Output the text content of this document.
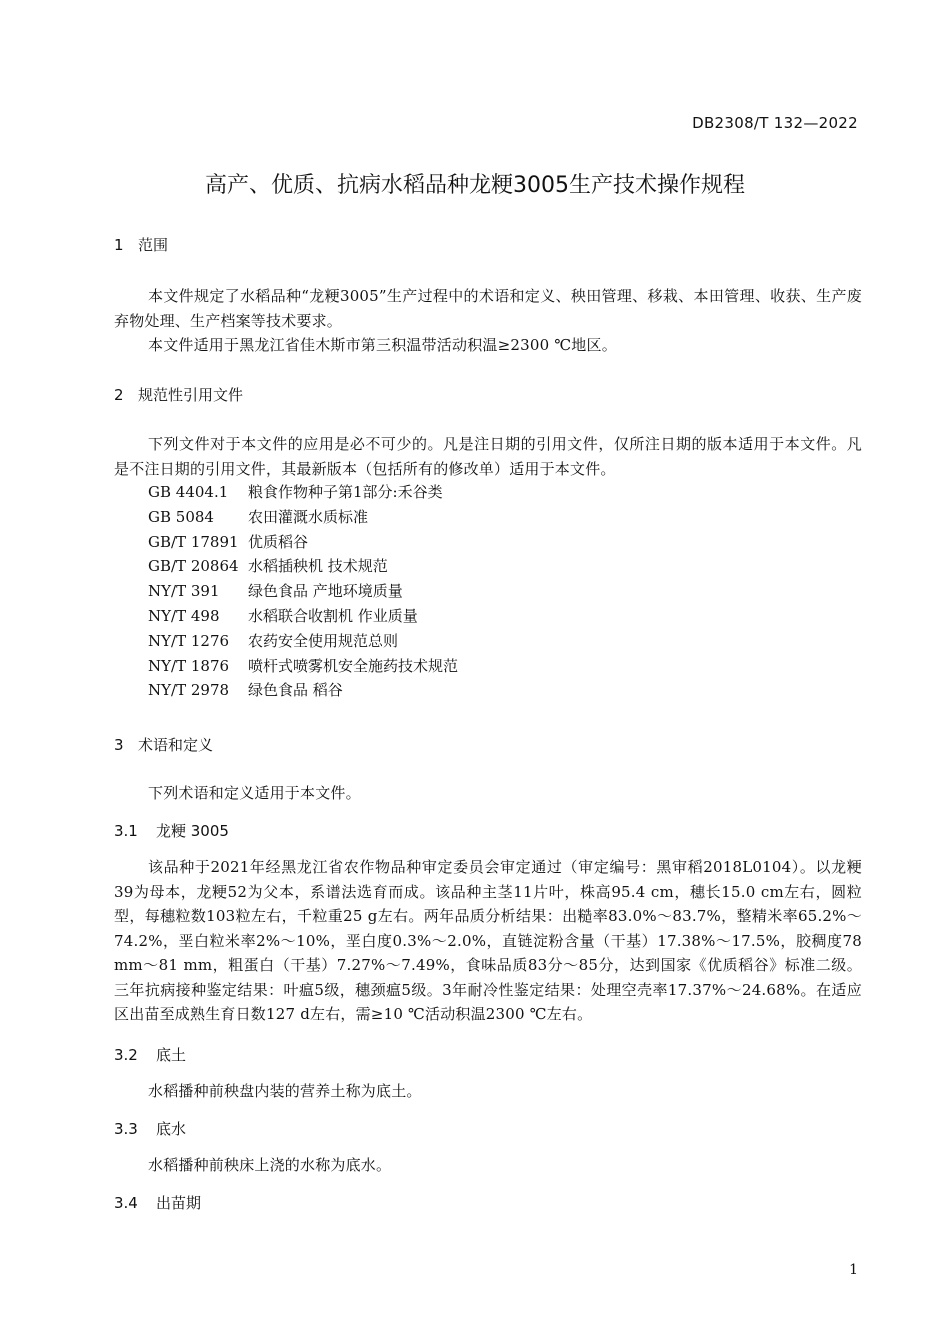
DB2308/T 132—2022
高产、优质、抗病水稻品种龙粳3005生产技术操作规程
1 范围

本文件规定了水稻品种“龙粳3005”生产过程中的术语和定义、秧田管理、移栽、本田管理、收获、生产废弃物处理、生产档案等技术要求。

本文件适用于黑龙江省佳木斯市第三积温带活动积温≥2300 ℃地区。

2 规范性引用文件

下列文件对于本文件的应用是必不可少的。凡是注日期的引用文件，仅所注日期的版本适用于本文件。凡是不注日期的引用文件，其最新版本（包括所有的修改单）适用于本文件。

GB 4404.1 粮食作物种子第1部分:禾谷类
GB 5084 农田灌溉水质标准
GB/T 17891 优质稻谷
GB/T 20864 水稻插秧机 技术规范
NY/T 391 绿色食品 产地环境质量
NY/T 498 水稻联合收割机 作业质量
NY/T 1276 农药安全使用规范总则
NY/T 1876 喷杆式喷雾机安全施药技术规范
NY/T 2978 绿色食品 稻谷
3 术语和定义

下列术语和定义适用于本文件。

3.1 龙粳 3005

该品种于2021年经黑龙江省农作物品种审定委员会审定通过（审定编号：黑审稻2018L0104）。以龙粳39为母本，龙粳52为父本，系谱法选育而成。该品种主茎11片叶，株高95.4 cm，穗长15.0 cm左右，圆粒型，每穗粒数103粒左右，千粒重25 g左右。两年品质分析结果：出糙率83.0%～83.7%，整精米率65.2%～74.2%，垩白粒米率2%～10%，垩白度0.3%～2.0%，直链淀粉含量（干基）17.38%～17.5%，胶稠度78 mm～81 mm，粗蛋白（干基）7.27%～7.49%，食味品质83分～85分，达到国家《优质稻谷》标准二级。三年抗病接种鉴定结果：叶瘟5级，穗颈瘟5级。3年耐冷性鉴定结果：处理空壳率17.37%～24.68%。在适应区出苗至成熟生育日数127 d左右，需≥10 ℃活动积温2300 ℃左右。

3.2 底土

水稻播种前秧盘内装的营养土称为底土。

3.3 底水

水稻播种前秧床上浇的水称为底水。

3.4 出苗期
1
